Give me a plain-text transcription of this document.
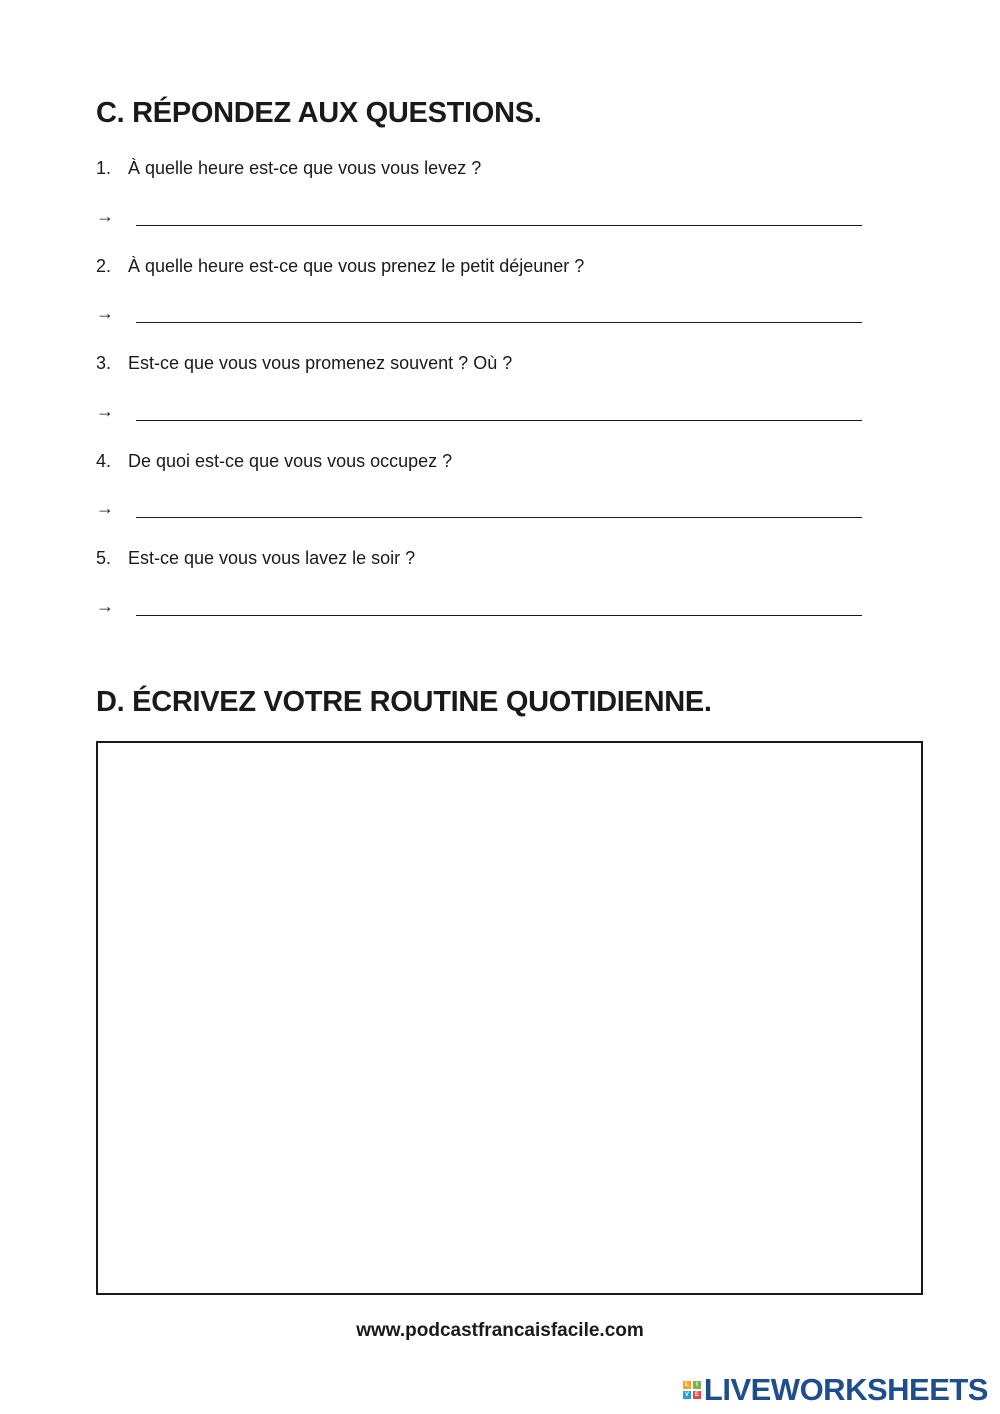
C. RÉPONDEZ AUX QUESTIONS.
1. À quelle heure est-ce que vous vous levez ?
→
2. À quelle heure est-ce que vous prenez le petit déjeuner ?
→
3. Est-ce que vous vous promenez souvent ? Où ?
→
4. De quoi est-ce que vous vous occupez ?
→
5. Est-ce que vous vous lavez le soir ?
→
D. ÉCRIVEZ VOTRE ROUTINE QUOTIDIENNE.
www.podcastfrancaisfacile.com
L	I
V E LIVEWORKSHEETS
